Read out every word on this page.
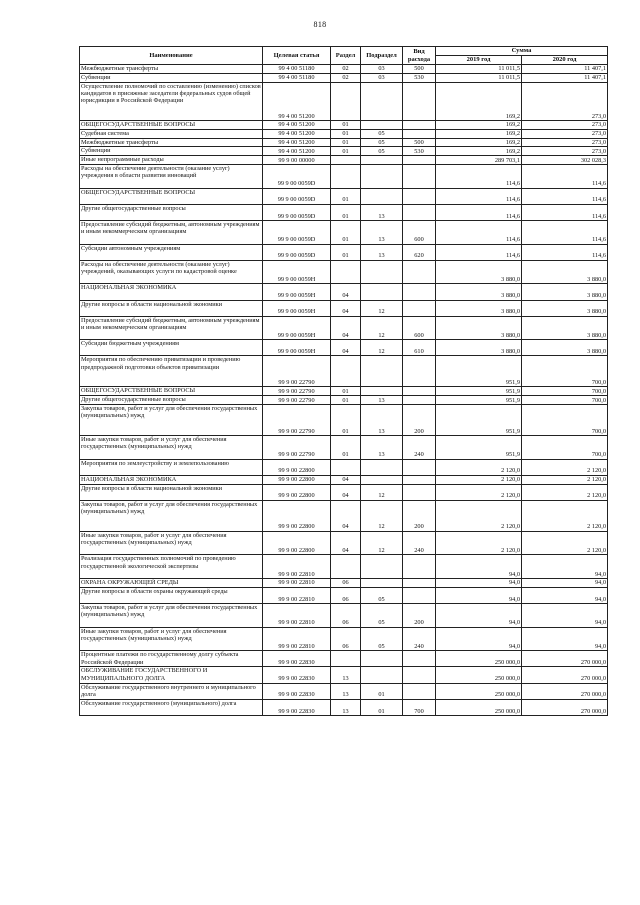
818
Наименование	Целевая статья	Раздел	Подраздел	Вид расхода	Сумма	
					2019 год	2020 год
Межбюджетные трансферты	99 4 00 51180	02	03	500	11 011,5	11 407,1
Субвенции	99 4 00 51180	02	03	530	11 011,5	11 407,1
Осуществление полномочий по составлению (изменению) списков кандидатов в присяжные заседатели федеральных судов общей юрисдикции в Российской Федерации	99 4 00 51200				169,2	273,0
ОБЩЕГОСУДАРСТВЕННЫЕ ВОПРОСЫ	99 4 00 51200	01			169,2	273,0
Судебная система	99 4 00 51200	01	05		169,2	273,0
Межбюджетные трансферты	99 4 00 51200	01	05	500	169,2	273,0
Субвенции	99 4 00 51200	01	05	530	169,2	273,0
Иные непрограммные расходы	99 9 00 00000				289 703,1	302 028,3
Расходы на обеспечение деятельности (оказание услуг) учреждения в области развития инноваций	99 9 00 0059D				114,6	114,6
ОБЩЕГОСУДАРСТВЕННЫЕ ВОПРОСЫ	99 9 00 0059D	01			114,6	114,6
Другие общегосударственные вопросы	99 9 00 0059D	01	13		114,6	114,6
Предоставление субсидий бюджетным, автономным учреждениям и иным некоммерческим организациям	99 9 00 0059D	01	13	600	114,6	114,6
Субсидии автономным учреждениям	99 9 00 0059D	01	13	620	114,6	114,6
Расходы на обеспечение деятельности (оказание услуг) учреждений, оказывающих услуги по кадастровой оценке	99 9 00 0059Н				3 880,0	3 880,0
НАЦИОНАЛЬНАЯ ЭКОНОМИКА	99 9 00 0059Н	04			3 880,0	3 880,0
Другие вопросы в области национальной экономики	99 9 00 0059Н	04	12		3 880,0	3 880,0
Предоставление субсидий бюджетным, автономным учреждениям и иным некоммерческим организациям	99 9 00 0059Н	04	12	600	3 880,0	3 880,0
Субсидии бюджетным учреждениям	99 9 00 0059Н	04	12	610	3 880,0	3 880,0
Мероприятия по обеспечению приватизации и проведению предпродажной подготовки объектов приватизации	99 9 00 22790				951,9	700,0
ОБЩЕГОСУДАРСТВЕННЫЕ ВОПРОСЫ	99 9 00 22790	01			951,9	700,0
Другие общегосударственные вопросы	99 9 00 22790	01	13		951,9	700,0
Закупка товаров, работ и услуг для обеспечения государственных (муниципальных) нужд	99 9 00 22790	01	13	200	951,9	700,0
Иные закупки товаров, работ и услуг для обеспечения государственных (муниципальных) нужд	99 9 00 22790	01	13	240	951,9	700,0
Мероприятия по землеустройству и землепользованию	99 9 00 22800				2 120,0	2 120,0
НАЦИОНАЛЬНАЯ ЭКОНОМИКА	99 9 00 22800	04			2 120,0	2 120,0
Другие вопросы в области национальной экономики	99 9 00 22800	04	12		2 120,0	2 120,0
Закупка товаров, работ и услуг для обеспечения государственных (муниципальных) нужд	99 9 00 22800	04	12	200	2 120,0	2 120,0
Иные закупки товаров, работ и услуг для обеспечения государственных (муниципальных) нужд	99 9 00 22800	04	12	240	2 120,0	2 120,0
Реализация государственных полномочий по проведению государственной экологической экспертизы	99 9 00 22810				94,0	94,0
ОХРАНА ОКРУЖАЮЩЕЙ СРЕДЫ	99 9 00 22810	06			94,0	94,0
Другие вопросы в области охраны окружающей среды	99 9 00 22810	06	05		94,0	94,0
Закупка товаров, работ и услуг для обеспечения государственных (муниципальных) нужд	99 9 00 22810	06	05	200	94,0	94,0
Иные закупки товаров, работ и услуг для обеспечения государственных (муниципальных) нужд	99 9 00 22810	06	05	240	94,0	94,0
Процентные платежи по государственному долгу субъекта Российской Федерации	99 9 00 22830				250 000,0	270 000,0
ОБСЛУЖИВАНИЕ ГОСУДАРСТВЕННОГО И МУНИЦИПАЛЬНОГО ДОЛГА	99 9 00 22830	13			250 000,0	270 000,0
Обслуживание государственного внутреннего и муниципального долга	99 9 00 22830	13	01		250 000,0	270 000,0
Обслуживание государственного (муниципального) долга	99 9 00 22830	13	01	700	250 000,0	270 000,0
